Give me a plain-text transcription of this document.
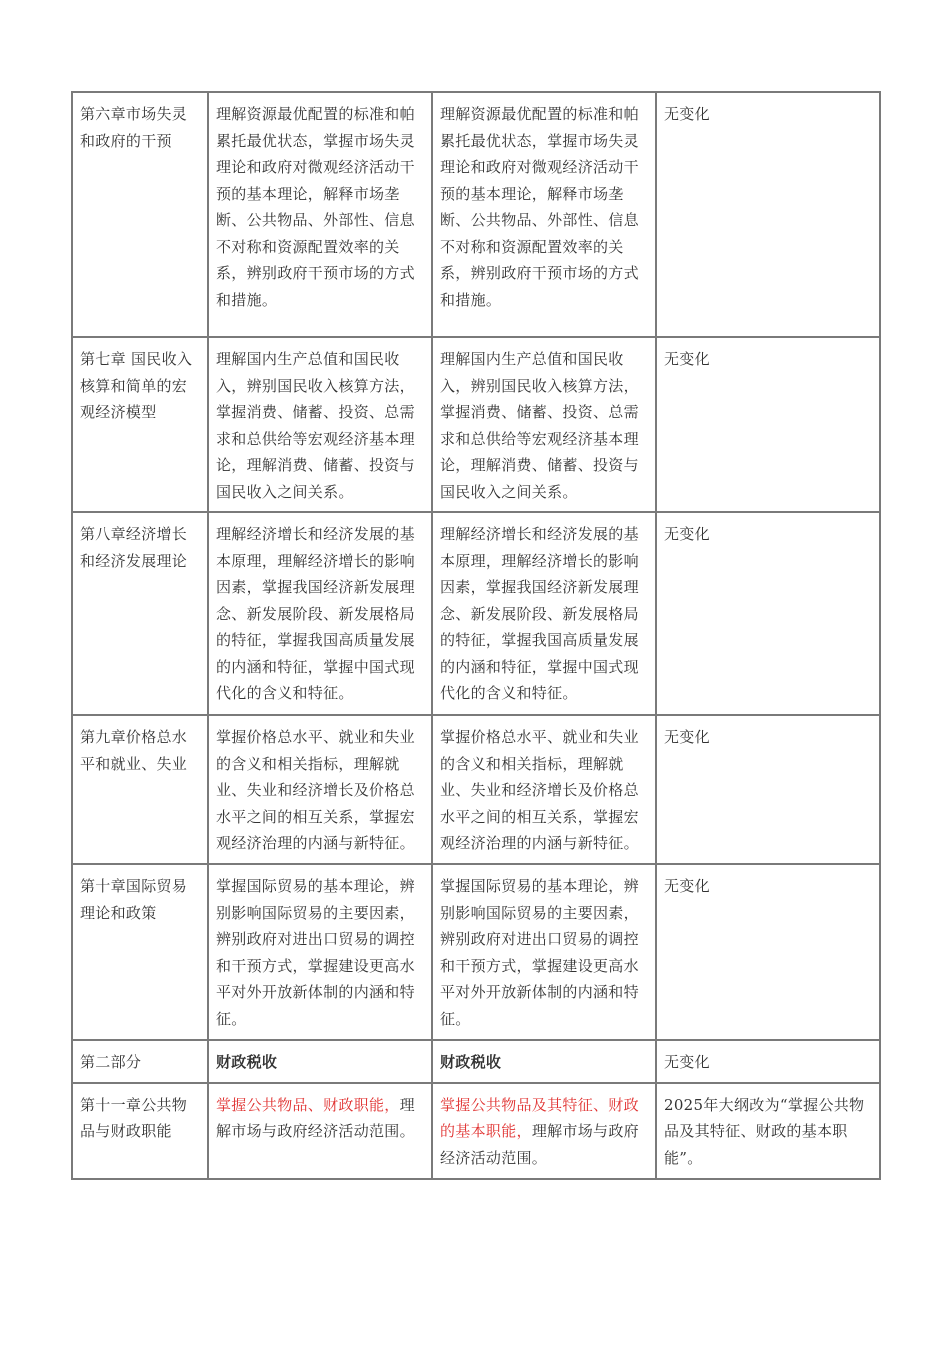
第六章市场失灵和政府的干预	理解资源最优配置的标准和帕累托最优状态，掌握市场失灵理论和政府对微观经济活动干预的基本理论，解释市场垄断、公共物品、外部性、信息不对称和资源配置效率的关系，辨别政府干预市场的方式和措施。	理解资源最优配置的标准和帕累托最优状态，掌握市场失灵理论和政府对微观经济活动干预的基本理论，解释市场垄断、公共物品、外部性、信息不对称和资源配置效率的关系，辨别政府干预市场的方式和措施。	无变化
第七章 国民收入核算和简单的宏观经济模型	理解国内生产总值和国民收入，辨别国民收入核算方法，掌握消费、储蓄、投资、总需求和总供给等宏观经济基本理论，理解消费、储蓄、投资与国民收入之间关系。	理解国内生产总值和国民收入，辨别国民收入核算方法，掌握消费、储蓄、投资、总需求和总供给等宏观经济基本理论，理解消费、储蓄、投资与国民收入之间关系。	无变化
第八章经济增长和经济发展理论	理解经济增长和经济发展的基本原理，理解经济增长的影响因素，掌握我国经济新发展理念、新发展阶段、新发展格局的特征，掌握我国高质量发展的内涵和特征，掌握中国式现代化的含义和特征。	理解经济增长和经济发展的基本原理，理解经济增长的影响因素，掌握我国经济新发展理念、新发展阶段、新发展格局的特征，掌握我国高质量发展的内涵和特征，掌握中国式现代化的含义和特征。	无变化
第九章价格总水平和就业、失业	掌握价格总水平、就业和失业的含义和相关指标，理解就业、失业和经济增长及价格总水平之间的相互关系，掌握宏观经济治理的内涵与新特征。	掌握价格总水平、就业和失业的含义和相关指标，理解就业、失业和经济增长及价格总水平之间的相互关系，掌握宏观经济治理的内涵与新特征。	无变化
第十章国际贸易理论和政策	掌握国际贸易的基本理论，辨别影响国际贸易的主要因素，辨别政府对进出口贸易的调控和干预方式，掌握建设更高水平对外开放新体制的内涵和特征。	掌握国际贸易的基本理论，辨别影响国际贸易的主要因素，辨别政府对进出口贸易的调控和干预方式，掌握建设更高水平对外开放新体制的内涵和特征。	无变化
第二部分	财政税收	财政税收	无变化
第十一章公共物品与财政职能	掌握公共物品、财政职能，理解市场与政府经济活动范围。	掌握公共物品及其特征、财政的基本职能，理解市场与政府经济活动范围。	2025年大纲改为“掌握公共物品及其特征、财政的基本职能”。
